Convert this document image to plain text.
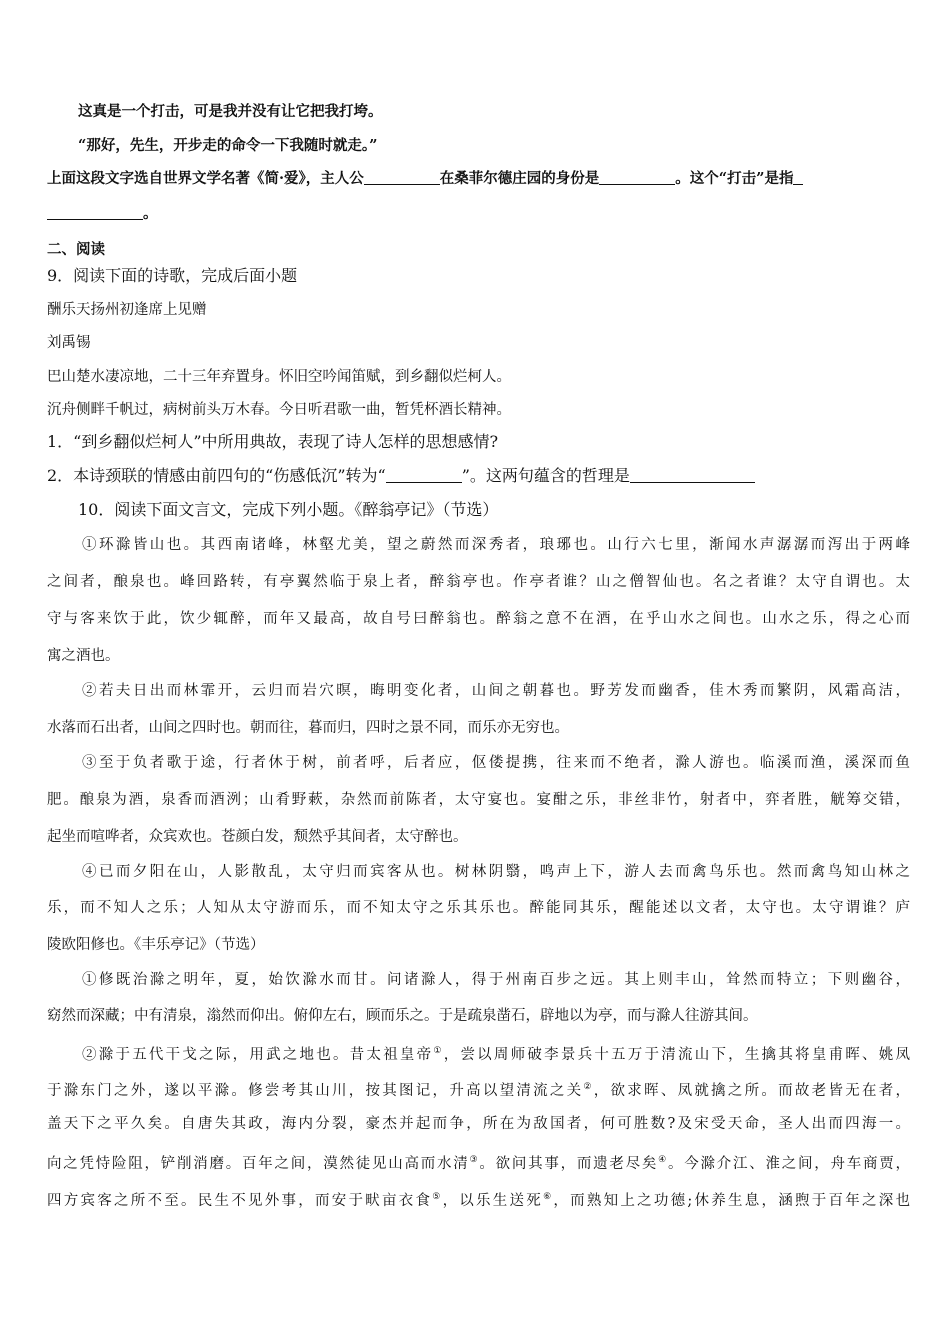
这真是一个打击，可是我并没有让它把我打垮。
“那好，先生，开步走的命令一下我随时就走。”
上面这段文字选自世界文学名著《简·爱》，主人公	在桑菲尔德庄园的身份是	。这个“打击”是指
。
二、阅读
9．阅读下面的诗歌，完成后面小题
酬乐天扬州初逢席上见赠
刘禹锡
巴山楚水凄凉地，二十三年弃置身。怀旧空吟闻笛赋，到乡翻似烂柯人。
沉舟侧畔千帆过，病树前头万木春。今日听君歌一曲，暂凭杯酒长精神。
1．“到乡翻似烂柯人”中所用典故，表现了诗人怎样的思想感情?
2．本诗颈联的情感由前四句的“伤感低沉”转为“	”。这两句蕴含的哲理是
10．阅读下面文言文，完成下列小题。《醉翁亭记》（节选）
①环滁皆山也。其西南诸峰，林壑尤美，望之蔚然而深秀者，琅琊也。山行六七里，渐闻水声潺潺而泻出于两峰
之间者，酿泉也。峰回路转，有亭翼然临于泉上者，醉翁亭也。作亭者谁？山之僧智仙也。名之者谁？太守自谓也。太
守与客来饮于此，饮少辄醉，而年又最高，故自号曰醉翁也。醉翁之意不在酒，在乎山水之间也。山水之乐，得之心而
寓之酒也。
②若夫日出而林霏开，云归而岩穴暝，晦明变化者，山间之朝暮也。野芳发而幽香，佳木秀而繁阴，风霜高洁，
水落而石出者，山间之四时也。朝而往，暮而归，四时之景不同，而乐亦无穷也。
③至于负者歌于途，行者休于树，前者呼，后者应，伛偻提携，往来而不绝者，滁人游也。临溪而渔，溪深而鱼
肥。酿泉为酒，泉香而酒洌；山肴野蔌，杂然而前陈者，太守宴也。宴酣之乐，非丝非竹，射者中，弈者胜，觥筹交错，
起坐而喧哗者，众宾欢也。苍颜白发，颓然乎其间者，太守醉也。
④已而夕阳在山，人影散乱，太守归而宾客从也。树林阴翳，鸣声上下，游人去而禽鸟乐也。然而禽鸟知山林之
乐，而不知人之乐；人知从太守游而乐，而不知太守之乐其乐也。醉能同其乐，醒能述以文者，太守也。太守谓谁？庐
陵欧阳修也。《丰乐亭记》（节选）
①修既治滁之明年，夏，始饮滁水而甘。问诸滁人，得于州南百步之远。其上则丰山，耸然而特立；下则幽谷，
窈然而深藏；中有清泉，滃然而仰出。俯仰左右，顾而乐之。于是疏泉凿石，辟地以为亭，而与滁人往游其间。
②滁于五代干戈之际，用武之地也。昔太祖皇帝①，尝以周师破李景兵十五万于清流山下，生擒其将皇甫晖、姚凤
于滁东门之外，遂以平滁。修尝考其山川，按其图记，升高以望清流之关②，欲求晖、凤就擒之所。而故老皆无在者，
盖天下之平久矣。自唐失其政，海内分裂，豪杰并起而争，所在为敌国者，何可胜数?及宋受天命，圣人出而四海一。
向之凭恃险阻，铲削消磨。百年之间，漠然徒见山高而水清③。欲问其事，而遗老尽矣④。今滁介江、淮之间，舟车商贾，
四方宾客之所不至。民生不见外事，而安于畎亩衣食⑤，以乐生送死⑥，而熟知上之功德;休养生息，涵煦于百年之深也
